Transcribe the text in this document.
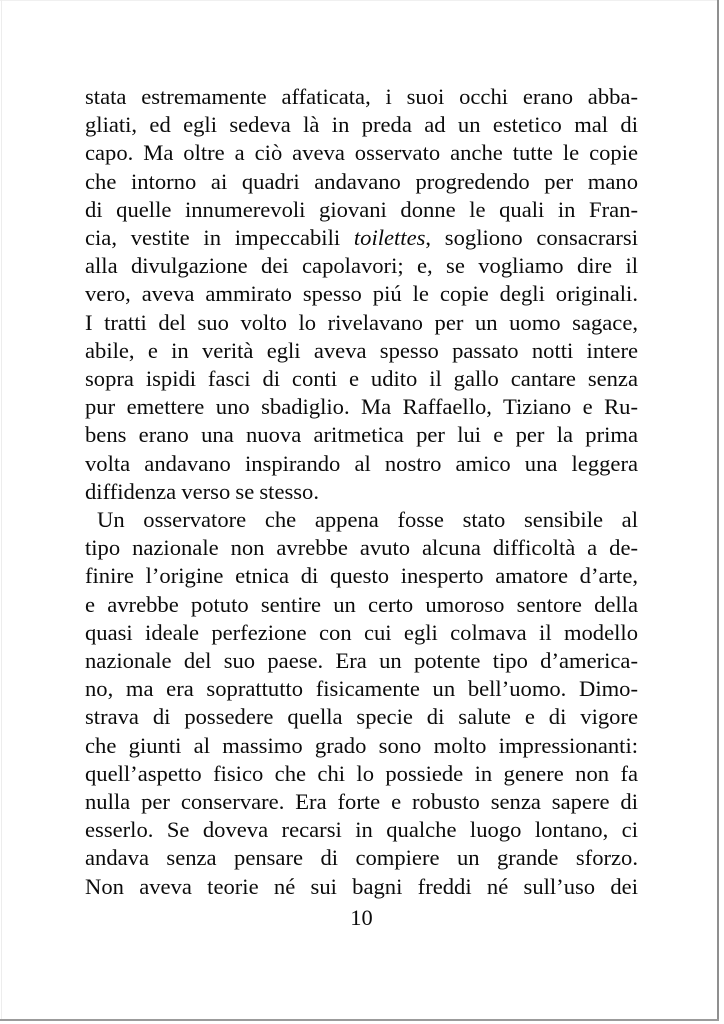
stata estremamente affaticata, i suoi occhi erano abba-
gliati, ed egli sedeva là in preda ad un estetico mal di
capo. Ma oltre a ciò aveva osservato anche tutte le copie
che intorno ai quadri andavano progredendo per mano
di quelle innumerevoli giovani donne le quali in Fran-
cia, vestite in impeccabili toilettes, sogliono consacrarsi
alla divulgazione dei capolavori; e, se vogliamo dire il
vero, aveva ammirato spesso piú le copie degli originali.
I tratti del suo volto lo rivelavano per un uomo sagace,
abile, e in verità egli aveva spesso passato notti intere
sopra ispidi fasci di conti e udito il gallo cantare senza
pur emettere uno sbadiglio. Ma Raffaello, Tiziano e Ru-
bens erano una nuova aritmetica per lui e per la prima
volta andavano inspirando al nostro amico una leggera
diffidenza verso se stesso.
Un osservatore che appena fosse stato sensibile al
tipo nazionale non avrebbe avuto alcuna difficoltà a de-
finire l’origine etnica di questo inesperto amatore d’arte,
e avrebbe potuto sentire un certo umoroso sentore della
quasi ideale perfezione con cui egli colmava il modello
nazionale del suo paese. Era un potente tipo d’america-
no, ma era soprattutto fisicamente un bell’uomo. Dimo-
strava di possedere quella specie di salute e di vigore
che giunti al massimo grado sono molto impressionanti:
quell’aspetto fisico che chi lo possiede in genere non fa
nulla per conservare. Era forte e robusto senza sapere di
esserlo. Se doveva recarsi in qualche luogo lontano, ci
andava senza pensare di compiere un grande sforzo.
Non aveva teorie né sui bagni freddi né sull’uso dei
10
